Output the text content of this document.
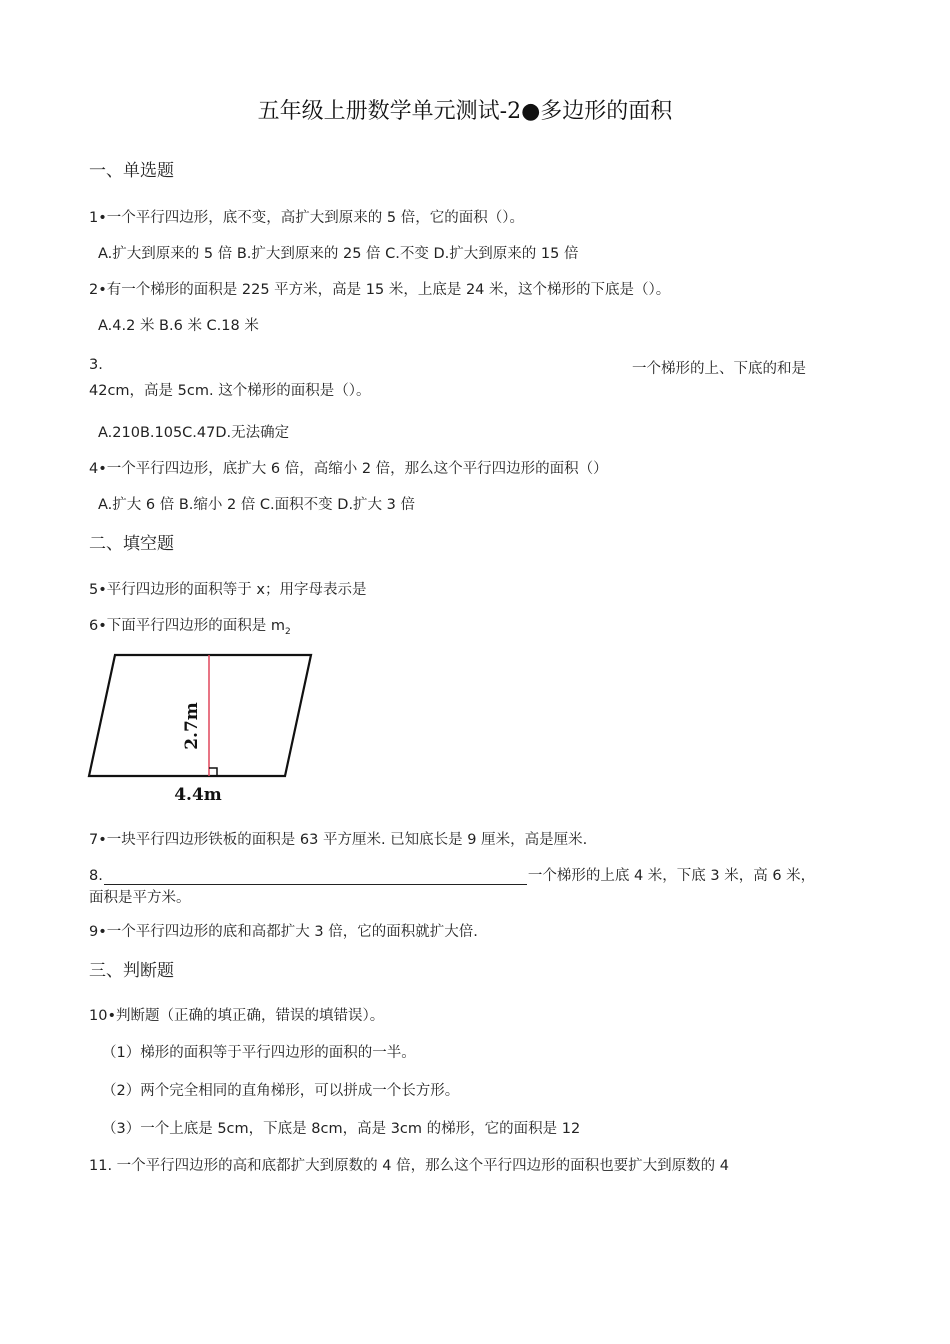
五年级上册数学单元测试-2●多边形的面积
一、单选题
1•一个平行四边形，底不变，高扩大到原来的 5 倍，它的面积（）。
A.扩大到原来的 5 倍 B.扩大到原来的 25 倍 C.不变 D.扩大到原来的 15 倍
2•有一个梯形的面积是 225 平方米，高是 15 米，上底是 24 米，这个梯形的下底是（）。
A.4.2 米 B.6 米 C.18 米
3.	一个梯形的上、下底的和是
42cm，高是 5cm. 这个梯形的面积是（）。
A.210B.105C.47D.无法确定
4•一个平行四边形，底扩大 6 倍，高缩小 2 倍，那么这个平行四边形的面积（）
A.扩大 6 倍 B.缩小 2 倍 C.面积不变 D.扩大 3 倍
二、填空题
5•平行四边形的面积等于 x；用字母表示是
6•下面平行四边形的面积是 $m_2$
2.7m
4.4m
7•一块平行四边形铁板的面积是 63 平方厘米. 已知底长是 9 厘米，高是厘米.
8.	一个梯形的上底 4 米，下底 3 米，高 6 米，
面积是平方米。
9•一个平行四边形的底和高都扩大 3 倍，它的面积就扩大倍.
三、判断题
10•判断题（正确的填正确，错误的填错误）。
（1）梯形的面积等于平行四边形的面积的一半。
（2）两个完全相同的直角梯形，可以拼成一个长方形。
（3）一个上底是 5cm，下底是 8cm，高是 3cm 的梯形，它的面积是 12
11. 一个平行四边形的高和底都扩大到原数的 4 倍，那么这个平行四边形的面积也要扩大到原数的 4
